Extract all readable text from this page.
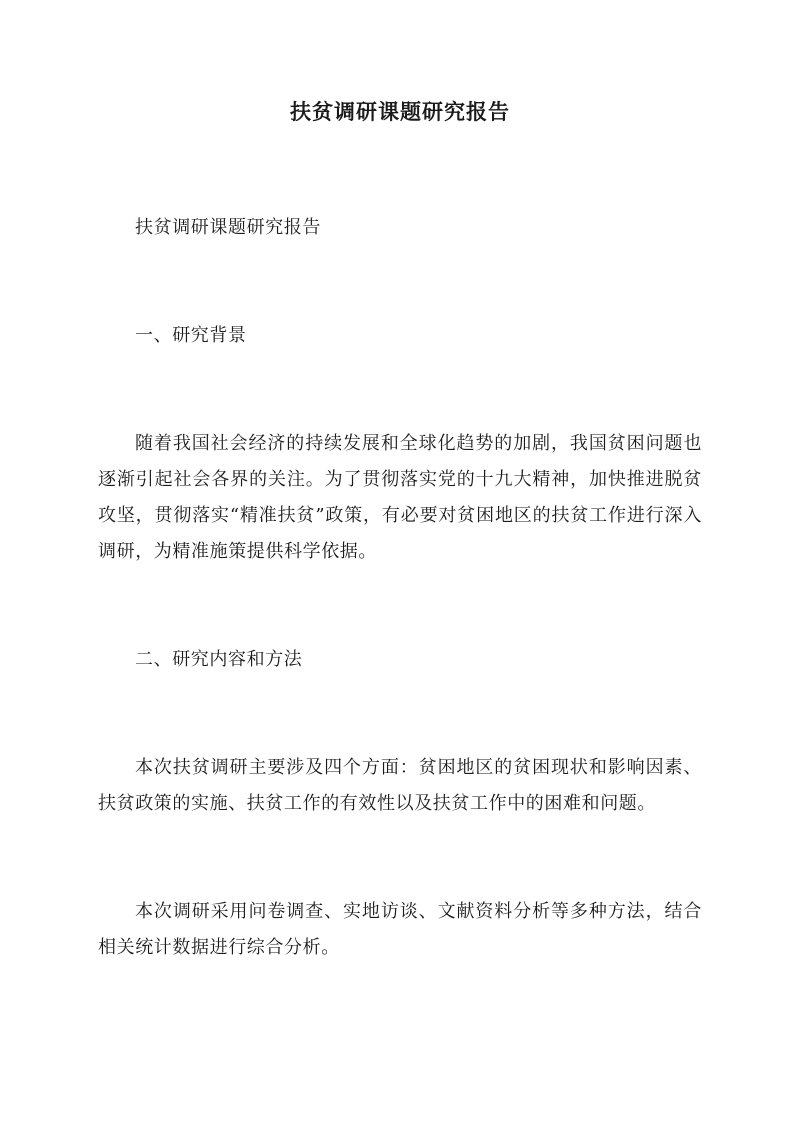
扶贫调研课题研究报告

扶贫调研课题研究报告

一、研究背景

随着我国社会经济的持续发展和全球化趋势的加剧，我国贫困问题也逐渐引起社会各界的关注。为了贯彻落实党的十九大精神，加快推进脱贫攻坚，贯彻落实“精准扶贫”政策，有必要对贫困地区的扶贫工作进行深入调研，为精准施策提供科学依据。

二、研究内容和方法

本次扶贫调研主要涉及四个方面：贫困地区的贫困现状和影响因素、扶贫政策的实施、扶贫工作的有效性以及扶贫工作中的困难和问题。

本次调研采用问卷调查、实地访谈、文献资料分析等多种方法，结合相关统计数据进行综合分析。
